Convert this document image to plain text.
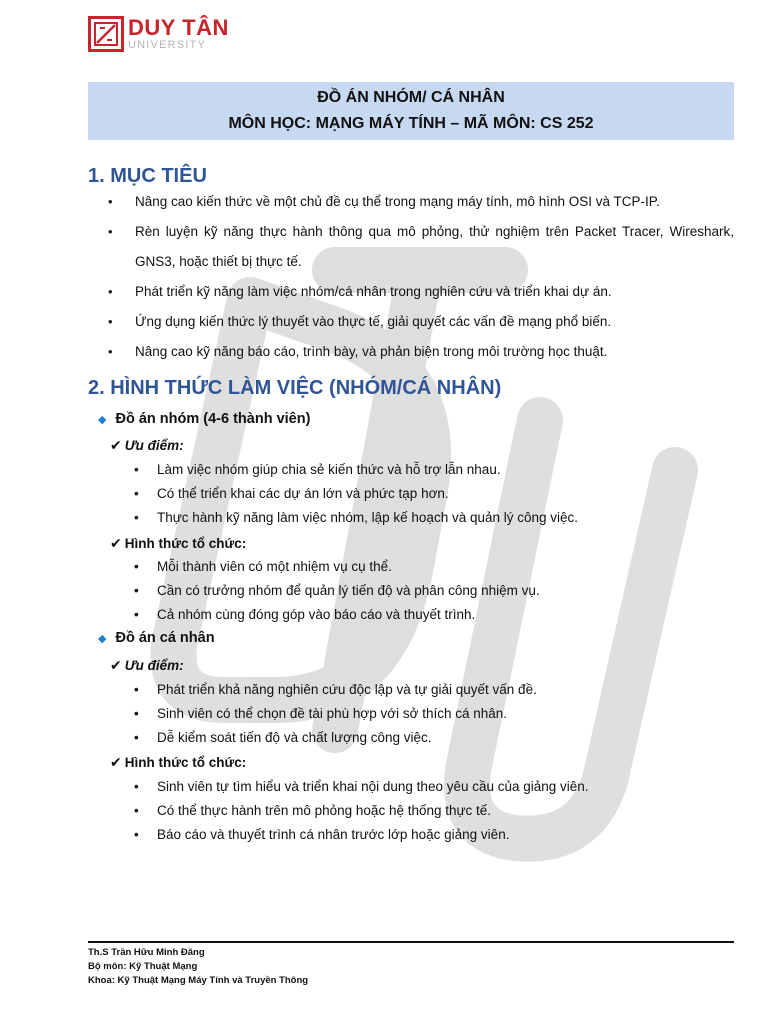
DUY TÂN
UNIVERSITY
ĐỒ ÁN NHÓM/ CÁ NHÂN
MÔN HỌC: MẠNG MÁY TÍNH – MÃ MÔN: CS 252
1. MỤC TIÊU
• Nâng cao kiến thức về một chủ đề cụ thể trong mạng máy tính, mô hình OSI và TCP-IP.
• Rèn luyện kỹ năng thực hành thông qua mô phỏng, thử nghiệm trên Packet Tracer, Wireshark, GNS3, hoặc thiết bị thực tế.
• Phát triển kỹ năng làm việc nhóm/cá nhân trong nghiên cứu và triển khai dự án.
• Ứng dụng kiến thức lý thuyết vào thực tế, giải quyết các vấn đề mạng phổ biến.
• Nâng cao kỹ năng báo cáo, trình bày, và phản biện trong môi trường học thuật.
2. HÌNH THỨC LÀM VIỆC (NHÓM/CÁ NHÂN)
◆ Đồ án nhóm (4-6 thành viên)
✔ Ưu điểm:
• Làm việc nhóm giúp chia sẻ kiến thức và hỗ trợ lẫn nhau.
• Có thể triển khai các dự án lớn và phức tạp hơn.
• Thực hành kỹ năng làm việc nhóm, lập kế hoạch và quản lý công việc.
✔ Hình thức tổ chức:
• Mỗi thành viên có một nhiệm vụ cụ thể.
• Cần có trưởng nhóm để quản lý tiến độ và phân công nhiệm vụ.
• Cả nhóm cùng đóng góp vào báo cáo và thuyết trình.
◆ Đồ án cá nhân
✔ Ưu điểm:
• Phát triển khả năng nghiên cứu độc lập và tự giải quyết vấn đề.
• Sinh viên có thể chọn đề tài phù hợp với sở thích cá nhân.
• Dễ kiểm soát tiến độ và chất lượng công việc.
✔ Hình thức tổ chức:
• Sinh viên tự tìm hiểu và triển khai nội dung theo yêu cầu của giảng viên.
• Có thể thực hành trên mô phỏng hoặc hệ thống thực tế.
• Báo cáo và thuyết trình cá nhân trước lớp hoặc giảng viên.
Th.S Trần Hữu Minh Đăng
Bộ môn: Kỹ Thuật Mạng
Khoa: Kỹ Thuật Mạng Máy Tính và Truyền Thông
